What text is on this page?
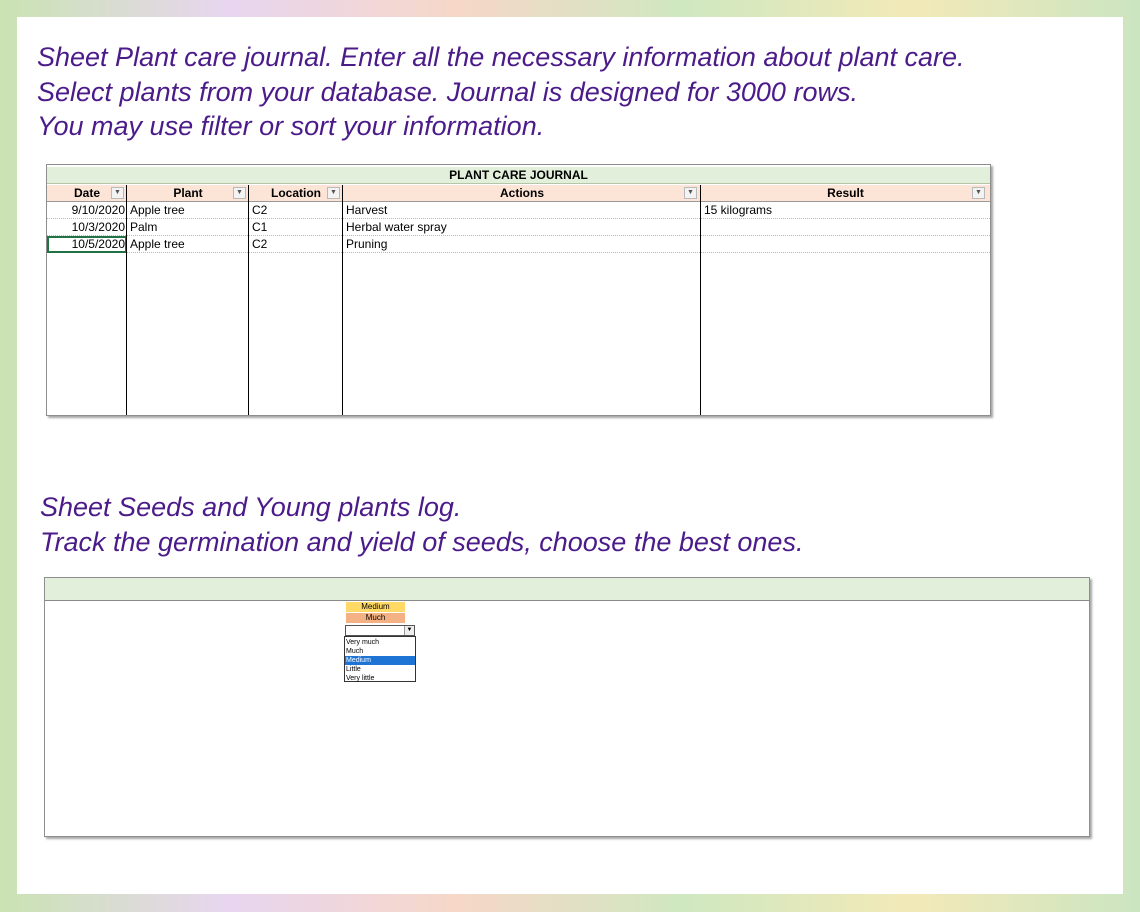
Sheet Plant care journal. Enter all the necessary information about plant care.
Select plants from your database. Journal is designed for 3000 rows.
You may use filter or sort your information.
PLANT CARE JOURNAL
Date	▼	Plant	▼	Location	▼	Actions	▼	Result	▼
9/10/2020 Apple tree	C2	Harvest	15 kilograms
10/3/2020 Palm	C1	Herbal water spray
10/5/2020 Apple tree	C2	Pruning
Sheet Seeds and Young plants log.
Track the germination and yield of seeds, choose the best ones.
Medium
Much
▼
Very much
Much
Medium
Little
Very little
